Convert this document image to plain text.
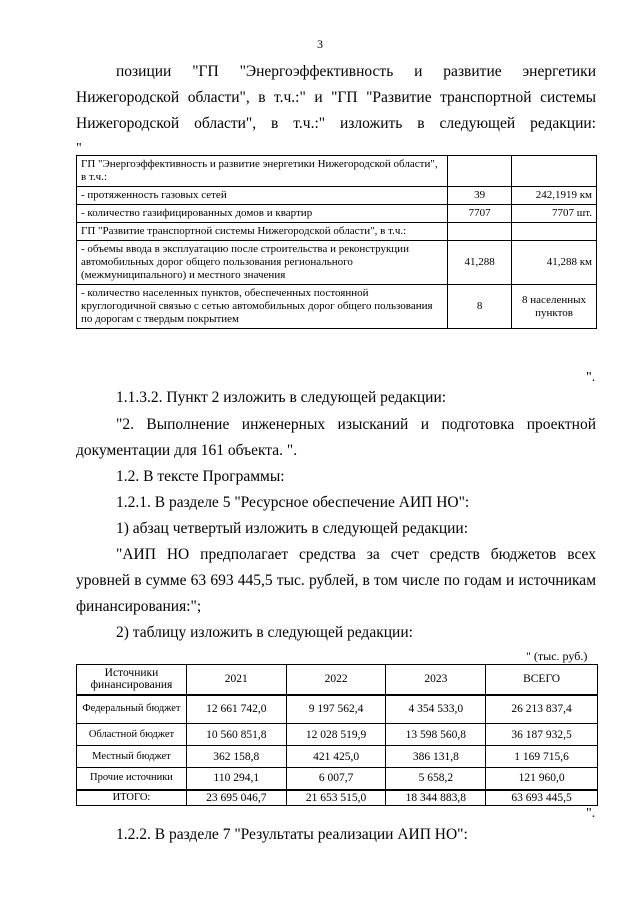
3

позиции "ГП "Энергоэффективность и развитие энергетики Нижегородской области", в т.ч.:" и "ГП "Развитие транспортной системы Нижегородской области", в т.ч.:" изложить в следующей редакции:

"
ГП "Энергоэффективность и развитие энергетики Нижегородской области", в т.ч.:		
- протяженность газовых сетей	39	242,1919 км
- количество газифицированных домов и квартир	7707	7707 шт.
ГП "Развитие транспортной системы Нижегородской области", в т.ч.:		
- объемы ввода в эксплуатацию после строительства и реконструкции автомобильных дорог общего пользования регионального (межмуниципального) и местного значения	41,288	41,288 км
- количество населенных пунктов, обеспеченных постоянной круглогодичной связью с сетью автомобильных дорог общего пользования по дорогам с твердым покрытием	8	8 населенных пунктов
".

1.1.3.2. Пункт 2 изложить в следующей редакции:

"2. Выполнение инженерных изысканий и подготовка проектной документации для 161 объекта. ".

1.2. В тексте Программы:

1.2.1. В разделе 5 "Ресурсное обеспечение АИП НО":

1) абзац четвертый изложить в следующей редакции:

"АИП НО предполагает средства за счет средств бюджетов всех уровней в сумме 63 693 445,5 тыс. рублей, в том числе по годам и источникам финансирования:";

2) таблицу изложить в следующей редакции:

" (тыс. руб.)
Источники финансирования	2021	2022	2023	ВСЕГО
Федеральный бюджет	12 661 742,0	9 197 562,4	4 354 533,0	26 213 837,4
Областной бюджет	10 560 851,8	12 028 519,9	13 598 560,8	36 187 932,5
Местный бюджет	362 158,8	421 425,0	386 131,8	1 169 715,6
Прочие источники	110 294,1	6 007,7	5 658,2	121 960,0
ИТОГО:	23 695 046,7	21 653 515,0	18 344 883,8	63 693 445,5
".

1.2.2. В разделе 7 "Результаты реализации АИП НО":
